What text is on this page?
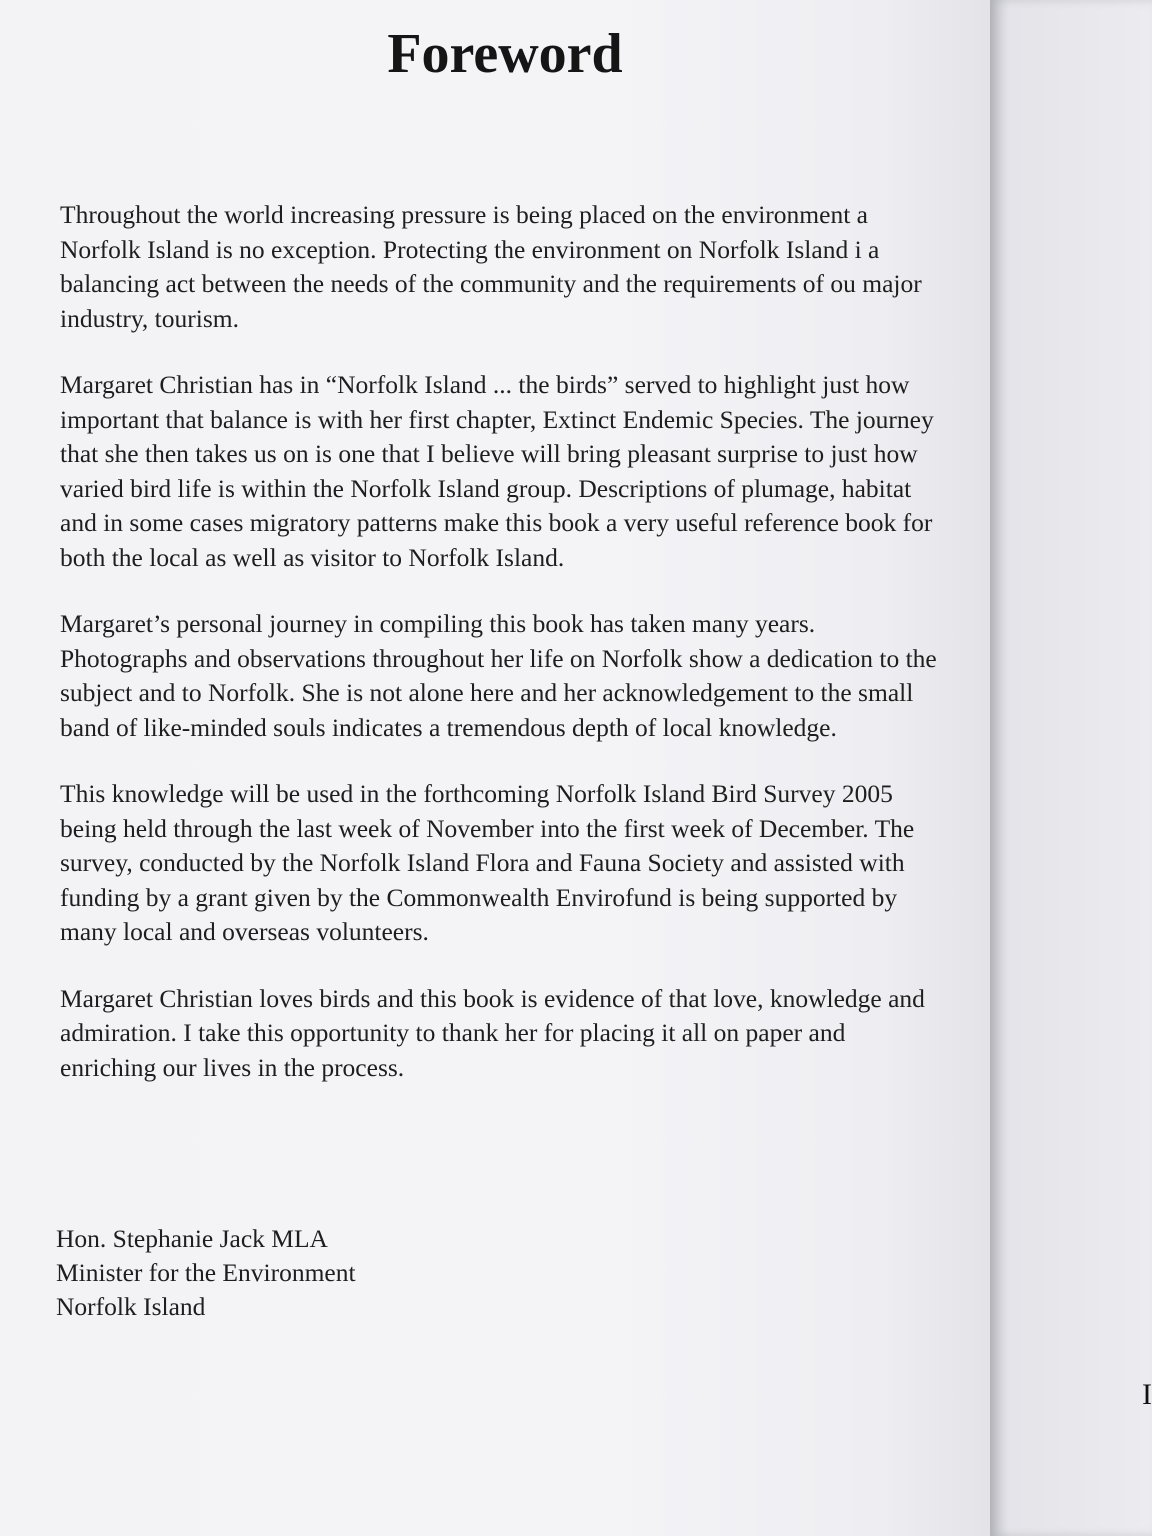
Foreword

Throughout the world increasing pressure is being placed on the environment a Norfolk Island is no exception. Protecting the environment on Norfolk Island i a balancing act between the needs of the community and the requirements of ou major industry, tourism.

Margaret Christian has in “Norfolk Island ... the birds” served to highlight just how important that balance is with her first chapter, Extinct Endemic Species. The journey that she then takes us on is one that I believe will bring pleasant surprise to just how varied bird life is within the Norfolk Island group. Descriptions of plumage, habitat and in some cases migratory patterns make this book a very useful reference book for both the local as well as visitor to Norfolk Island.

Margaret’s personal journey in compiling this book has taken many years. Photographs and observations throughout her life on Norfolk show a dedication to the subject and to Norfolk. She is not alone here and her acknowledgement to the small band of like-minded souls indicates a tremendous depth of local knowledge.

This knowledge will be used in the forthcoming Norfolk Island Bird Survey 2005 being held through the last week of November into the first week of December. The survey, conducted by the Norfolk Island Flora and Fauna Society and assisted with funding by a grant given by the Commonwealth Envirofund is being supported by many local and overseas volunteers.

Margaret Christian loves birds and this book is evidence of that love, knowledge and admiration. I take this opportunity to thank her for placing it all on paper and enriching our lives in the process.

Hon. Stephanie Jack MLA
Minister for the Environment
Norfolk Island
I
